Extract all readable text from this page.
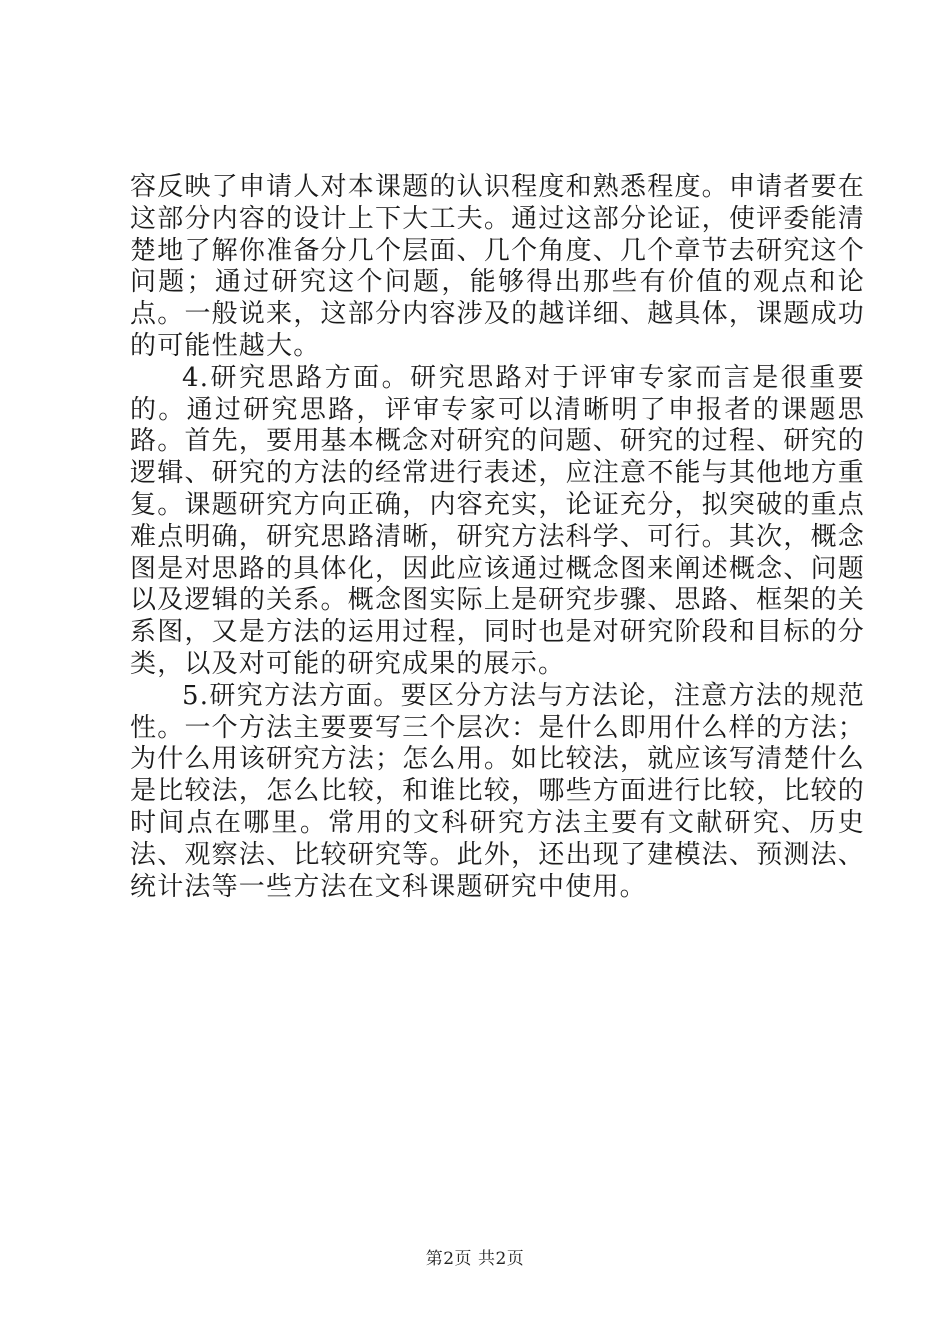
容反映了申请人对本课题的认识程度和熟悉程度。申请者要在这部分内容的设计上下大工夫。通过这部分论证，使评委能清楚地了解你准备分几个层面、几个角度、几个章节去研究这个问题；通过研究这个问题，能够得出那些有价值的观点和论点。一般说来，这部分内容涉及的越详细、越具体，课题成功的可能性越大。

4.研究思路方面。研究思路对于评审专家而言是很重要的。通过研究思路，评审专家可以清晰明了申报者的课题思路。首先，要用基本概念对研究的问题、研究的过程、研究的逻辑、研究的方法的经常进行表述，应注意不能与其他地方重复。课题研究方向正确，内容充实，论证充分，拟突破的重点难点明确，研究思路清晰，研究方法科学、可行。其次，概念图是对思路的具体化，因此应该通过概念图来阐述概念、问题以及逻辑的关系。概念图实际上是研究步骤、思路、框架的关系图，又是方法的运用过程，同时也是对研究阶段和目标的分类，以及对可能的研究成果的展示。

5.研究方法方面。要区分方法与方法论，注意方法的规范性。一个方法主要要写三个层次：是什么即用什么样的方法；为什么用该研究方法；怎么用。如比较法，就应该写清楚什么是比较法，怎么比较，和谁比较，哪些方面进行比较，比较的时间点在哪里。常用的文科研究方法主要有文献研究、历史法、观察法、比较研究等。此外，还出现了建模法、预测法、统计法等一些方法在文科课题研究中使用。

第2页 共2页
